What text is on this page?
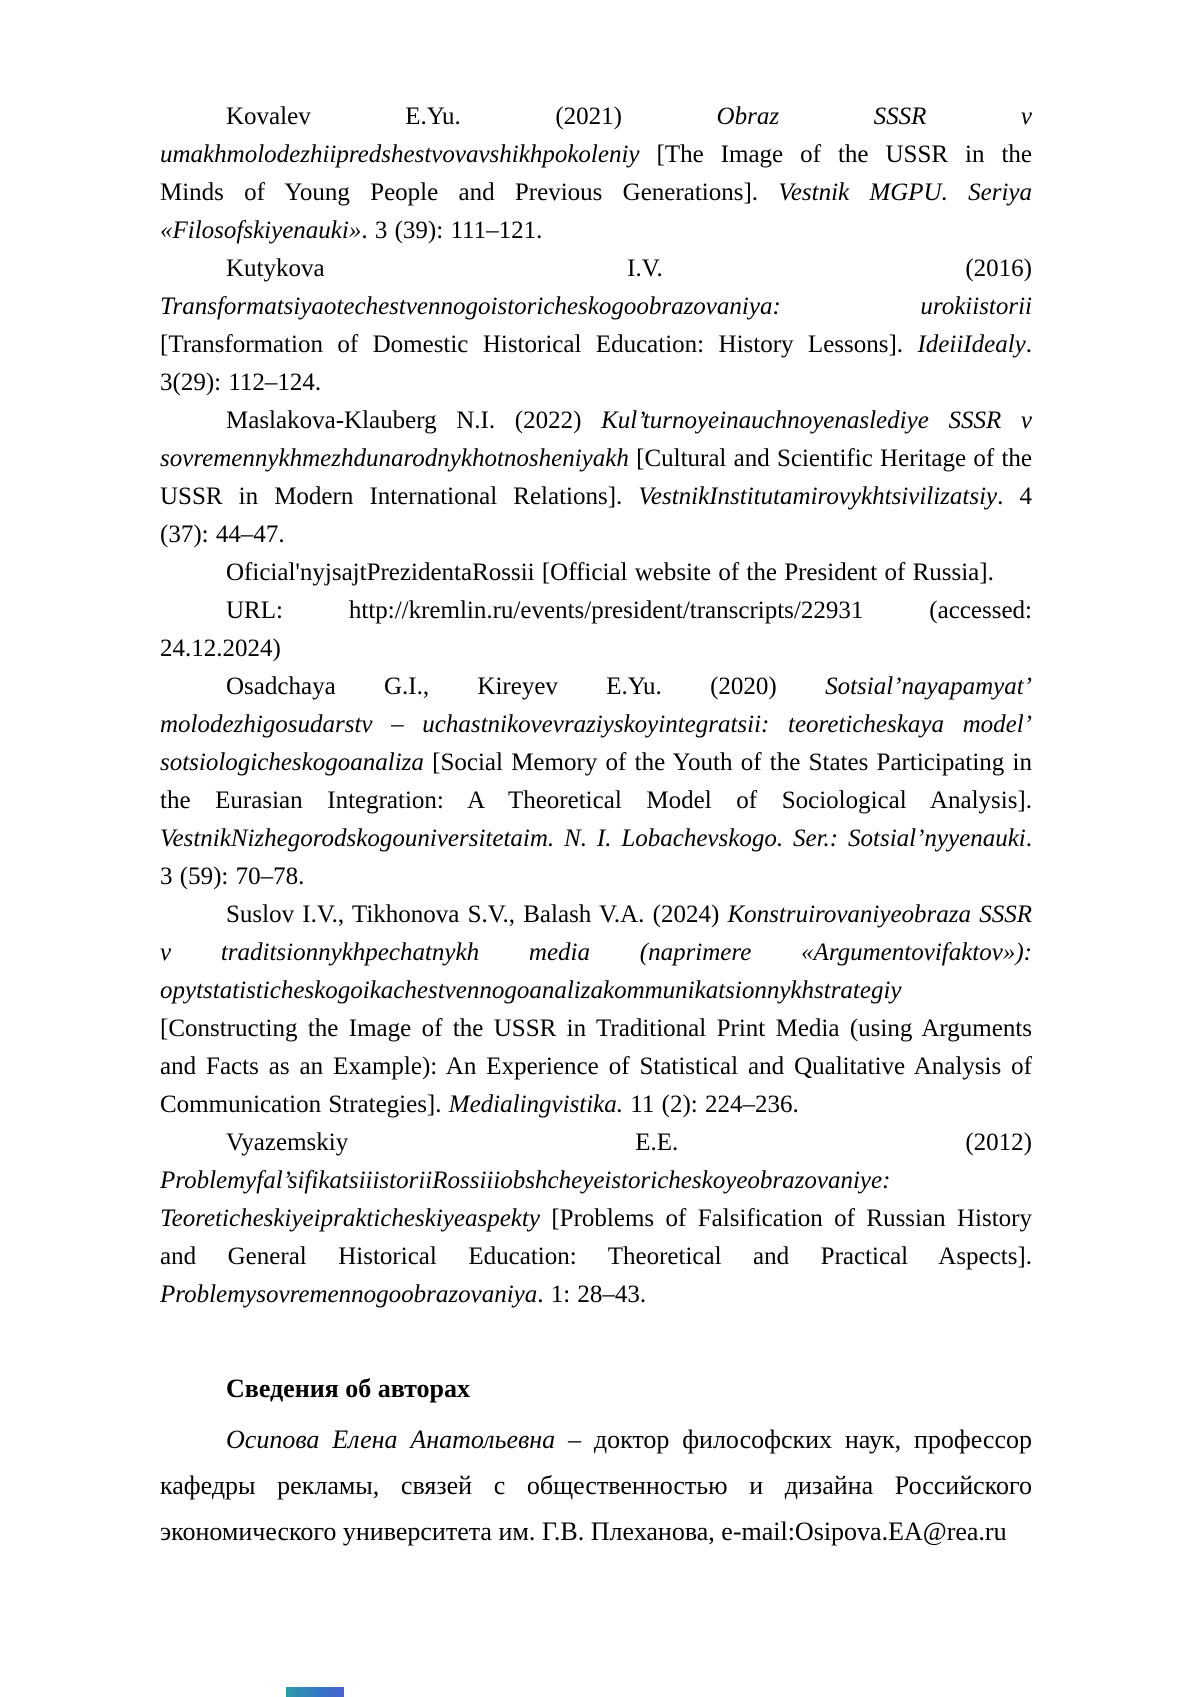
Kovalev E.Yu. (2021) Obraz SSSR v umakhmolodezhiipredshestvovavshikhpokoleniy [The Image of the USSR in the Minds of Young People and Previous Generations]. Vestnik MGPU. Seriya «Filosofskiyenauki». 3 (39): 111–121.

Kutykova I.V. (2016) Transformatsiyaotechestvennogoistoricheskogoobrazovaniya: urokiistorii [Transformation of Domestic Historical Education: History Lessons]. IdeiiIdealy. 3(29): 112–124.

Maslakova-Klauberg N.I. (2022) Kul’turnoyeinauchnoyenaslediye SSSR v sovremennykhmezhdunarodnykhotnosheniyakh [Cultural and Scientific Heritage of the USSR in Modern International Relations]. VestnikInstitutamirovykhtsivilizatsiy. 4 (37): 44–47.

Oficial'nyjsajtPrezidentaRossii [Official website of the President of Russia].

URL: http://kremlin.ru/events/president/transcripts/22931 (accessed: 24.12.2024)

Osadchaya G.I., Kireyev E.Yu. (2020) Sotsial’nayapamyat’ molodezhigosudarstv – uchastnikovevraziyskoyintegratsii: teoreticheskaya model’ sotsiologicheskogoanaliza [Social Memory of the Youth of the States Participating in the Eurasian Integration: A Theoretical Model of Sociological Analysis]. VestnikNizhegorodskogouniversitetaim. N. I. Lobachevskogo. Ser.: Sotsial’nyyenauki. 3 (59): 70–78.

Suslov I.V., Tikhonova S.V., Balash V.A. (2024) Konstruirovaniyeobraza SSSR v traditsionnykhpechatnykh media (naprimere «Argumentovifaktov»): opytstatisticheskogoikachestvennogoanalizakommunikatsionnykhstrategiy [Constructing the Image of the USSR in Traditional Print Media (using Arguments and Facts as an Example): An Experience of Statistical and Qualitative Analysis of Communication Strategies]. Medialingvistika. 11 (2): 224–236.

Vyazemskiy E.E. (2012) Problemyfal’sifikatsiiistoriiRossiiiobshcheyeistoricheskoyeobrazovaniye: Teoreticheskiyeiprakticheskiyeaspekty [Problems of Falsification of Russian History and General Historical Education: Theoretical and Practical Aspects]. Problemysovremennogoobrazovaniya. 1: 28–43.

Сведения об авторах

Осипова Елена Анатольевна – доктор философских наук, профессор кафедры рекламы, связей с общественностью и дизайна Российского экономического университета им. Г.В. Плеханова, e-mail:Osipova.EA@rea.ru
